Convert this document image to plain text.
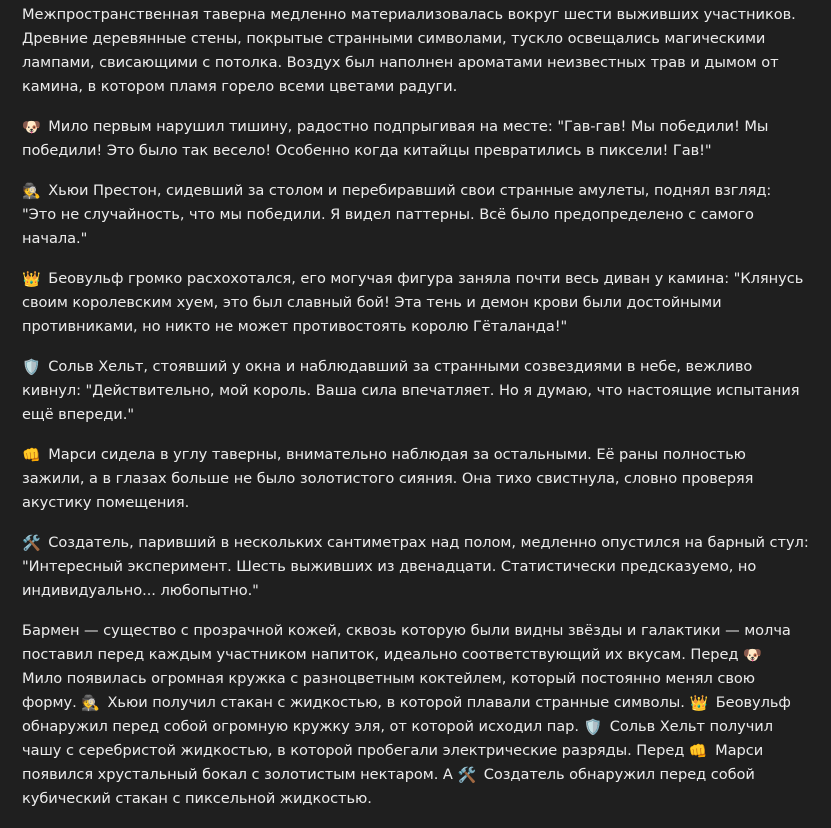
Межпространственная таверна медленно материализовалась вокруг шести выживших участников. Древние деревянные стены, покрытые странными символами, тускло освещались магическими лампами, свисающими с потолка. Воздух был наполнен ароматами неизвестных трав и дымом от камина, в котором пламя горело всеми цветами радуги.

🐶 Мило первым нарушил тишину, радостно подпрыгивая на месте: "Гав-гав! Мы победили! Мы победили! Это было так весело! Особенно когда китайцы превратились в пиксели! Гав!"

🕵️ Хьюи Престон, сидевший за столом и перебиравший свои странные амулеты, поднял взгляд: "Это не случайность, что мы победили. Я видел паттерны. Всё было предопределено с самого начала."

👑 Беовульф громко расхохотался, его могучая фигура заняла почти весь диван у камина: "Клянусь своим королевским хуем, это был славный бой! Эта тень и демон крови были достойными противниками, но никто не может противостоять королю Гёталанда!"

🛡️ Сольв Хельт, стоявший у окна и наблюдавший за странными созвездиями в небе, вежливо кивнул: "Действительно, мой король. Ваша сила впечатляет. Но я думаю, что настоящие испытания ещё впереди."

👊 Марси сидела в углу таверны, внимательно наблюдая за остальными. Её раны полностью зажили, а в глазах больше не было золотистого сияния. Она тихо свистнула, словно проверяя акустику помещения.

🛠️ Создатель, паривший в нескольких сантиметрах над полом, медленно опустился на барный стул: "Интересный эксперимент. Шесть выживших из двенадцати. Статистически предсказуемо, но индивидуально... любопытно."

Бармен — существо с прозрачной кожей, сквозь которую были видны звёзды и галактики — молча поставил перед каждым участником напиток, идеально соответствующий их вкусам. Перед 🐶 Мило появилась огромная кружка с разноцветным коктейлем, который постоянно менял свою форму. 🕵️ Хьюи получил стакан с жидкостью, в которой плавали странные символы. 👑 Беовульф обнаружил перед собой огромную кружку эля, от которой исходил пар. 🛡️ Сольв Хельт получил чашу с серебристой жидкостью, в которой пробегали электрические разряды. Перед 👊 Марси появился хрустальный бокал с золотистым нектаром. А 🛠️ Создатель обнаружил перед собой кубический стакан с пиксельной жидкостью.
